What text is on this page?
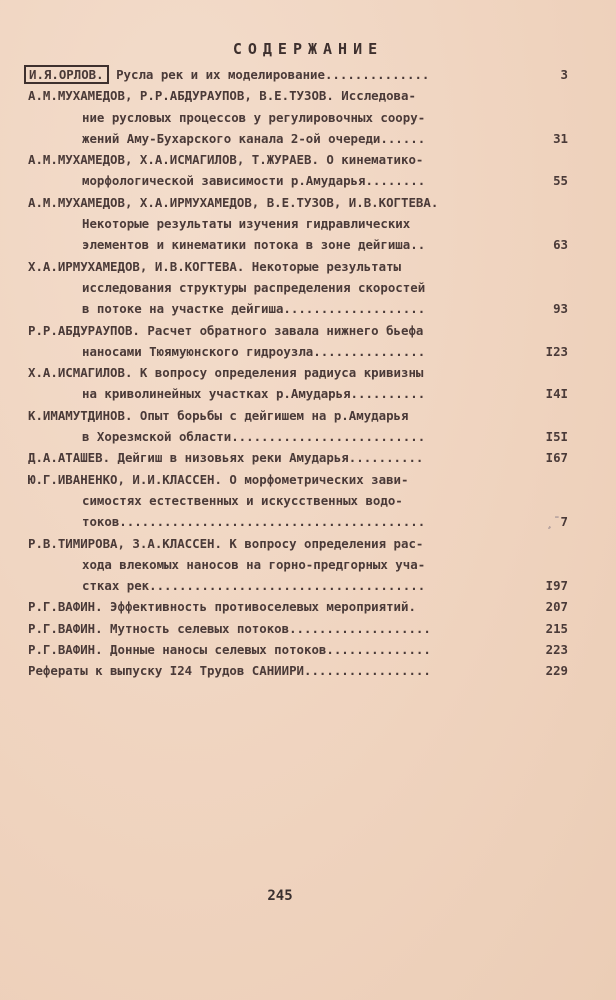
СОДЕРЖАНИЕ
И.Я.ОРЛОВ. Русла рек и их моделирование..............	3
А.М.МУХАМЕДОВ, Р.Р.АБДУРАУПОВ, В.Е.ТУЗОВ. Исследова-
ние русловых процессов у регулировочных соору-
жений Аму-Бухарского канала 2-ой очереди......	31
А.М.МУХАМЕДОВ, Х.А.ИСМАГИЛОВ, Т.ЖУРАЕВ. О кинематико-
морфологической зависимости р.Амударья........	55
А.М.МУХАМЕДОВ, Х.А.ИРМУХАМЕДОВ, В.Е.ТУЗОВ, И.В.КОГТЕВА.
Некоторые результаты изучения гидравлических
элементов и кинематики потока в зоне дейгиша..	63
Х.А.ИРМУХАМЕДОВ, И.В.КОГТЕВА. Некоторые результаты
исследования структуры распределения скоростей
в потоке на участке дейгиша...................	93
Р.Р.АБДУРАУПОВ. Расчет обратного завала нижнего бьефа
наносами Тюямуюнского гидроузла...............	I23
Х.А.ИСМАГИЛОВ. К вопросу определения радиуса кривизны
на криволинейных участках р.Амударья..........	I4I
К.ИМАМУТДИНОВ. Опыт борьбы с дейгишем на р.Амударья
в Хорезмской области..........................	I5I
Д.А.АТАШЕВ. Дейгиш в низовьях реки Амударья..........	I67
Ю.Г.ИВАНЕНКО, И.И.КЛАССЕН. О морфометрических зави-
симостях естественных и искусственных водо-
токов.........................................	¸ˉ7
Р.В.ТИМИРОВА, З.А.КЛАССЕН. К вопросу определения рас-
хода влекомых наносов на горно-предгорных уча-
стках рек.....................................	I97
Р.Г.ВАФИН. Эффективность противоселевых мероприятий.	207
Р.Г.ВАФИН. Мутность селевых потоков...................	215
Р.Г.ВАФИН. Донные наносы селевых потоков..............	223
Рефераты к выпуску I24 Трудов САНИИРИ.................	229
245
